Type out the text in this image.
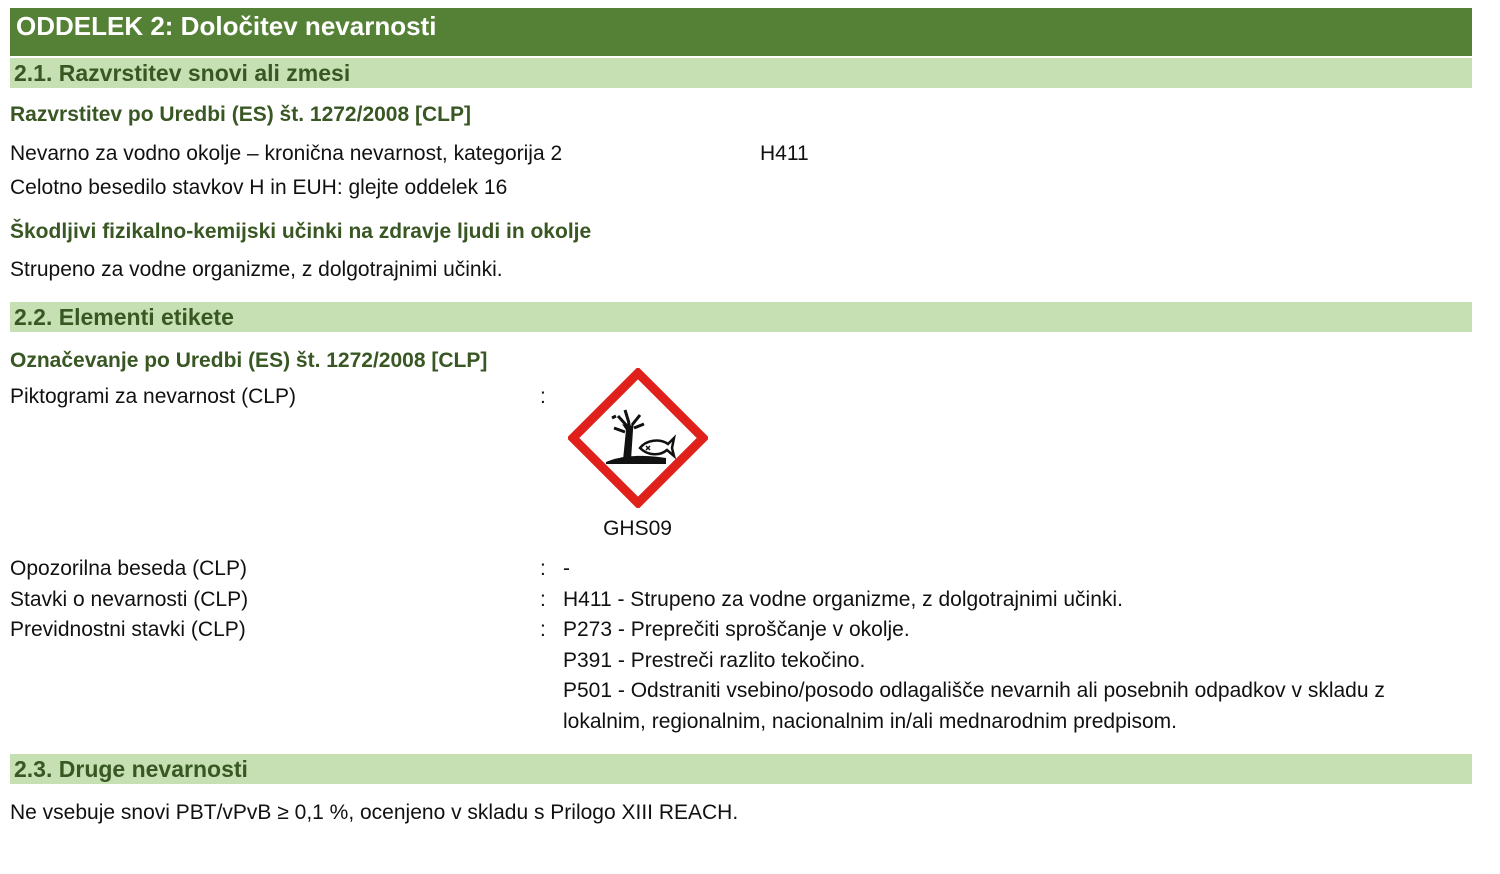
ODDELEK 2: Določitev nevarnosti
2.1. Razvrstitev snovi ali zmesi
Razvrstitev po Uredbi (ES) št. 1272/2008 [CLP]
Nevarno za vodno okolje – kronična nevarnost, kategorija 2	H411
Celotno besedilo stavkov H in EUH: glejte oddelek 16
Škodljivi fizikalno-kemijski učinki na zdravje ljudi in okolje
Strupeno za vodne organizme, z dolgotrajnimi učinki.
2.2. Elementi etikete
Označevanje po Uredbi (ES) št. 1272/2008 [CLP]
Piktogrami za nevarnost (CLP)	:
GHS09
Opozorilna beseda (CLP)	: -
Stavki o nevarnosti (CLP)	: H411 - Strupeno za vodne organizme, z dolgotrajnimi učinki.
Previdnostni stavki (CLP)	: P273 - Preprečiti sproščanje v okolje.
P391 - Prestreči razlito tekočino.
P501 - Odstraniti vsebino/posodo odlagališče nevarnih ali posebnih odpadkov v skladu z lokalnim, regionalnim, nacionalnim in/ali mednarodnim predpisom.
2.3. Druge nevarnosti
Ne vsebuje snovi PBT/vPvB ≥ 0,1 %, ocenjeno v skladu s Prilogo XIII REACH.
